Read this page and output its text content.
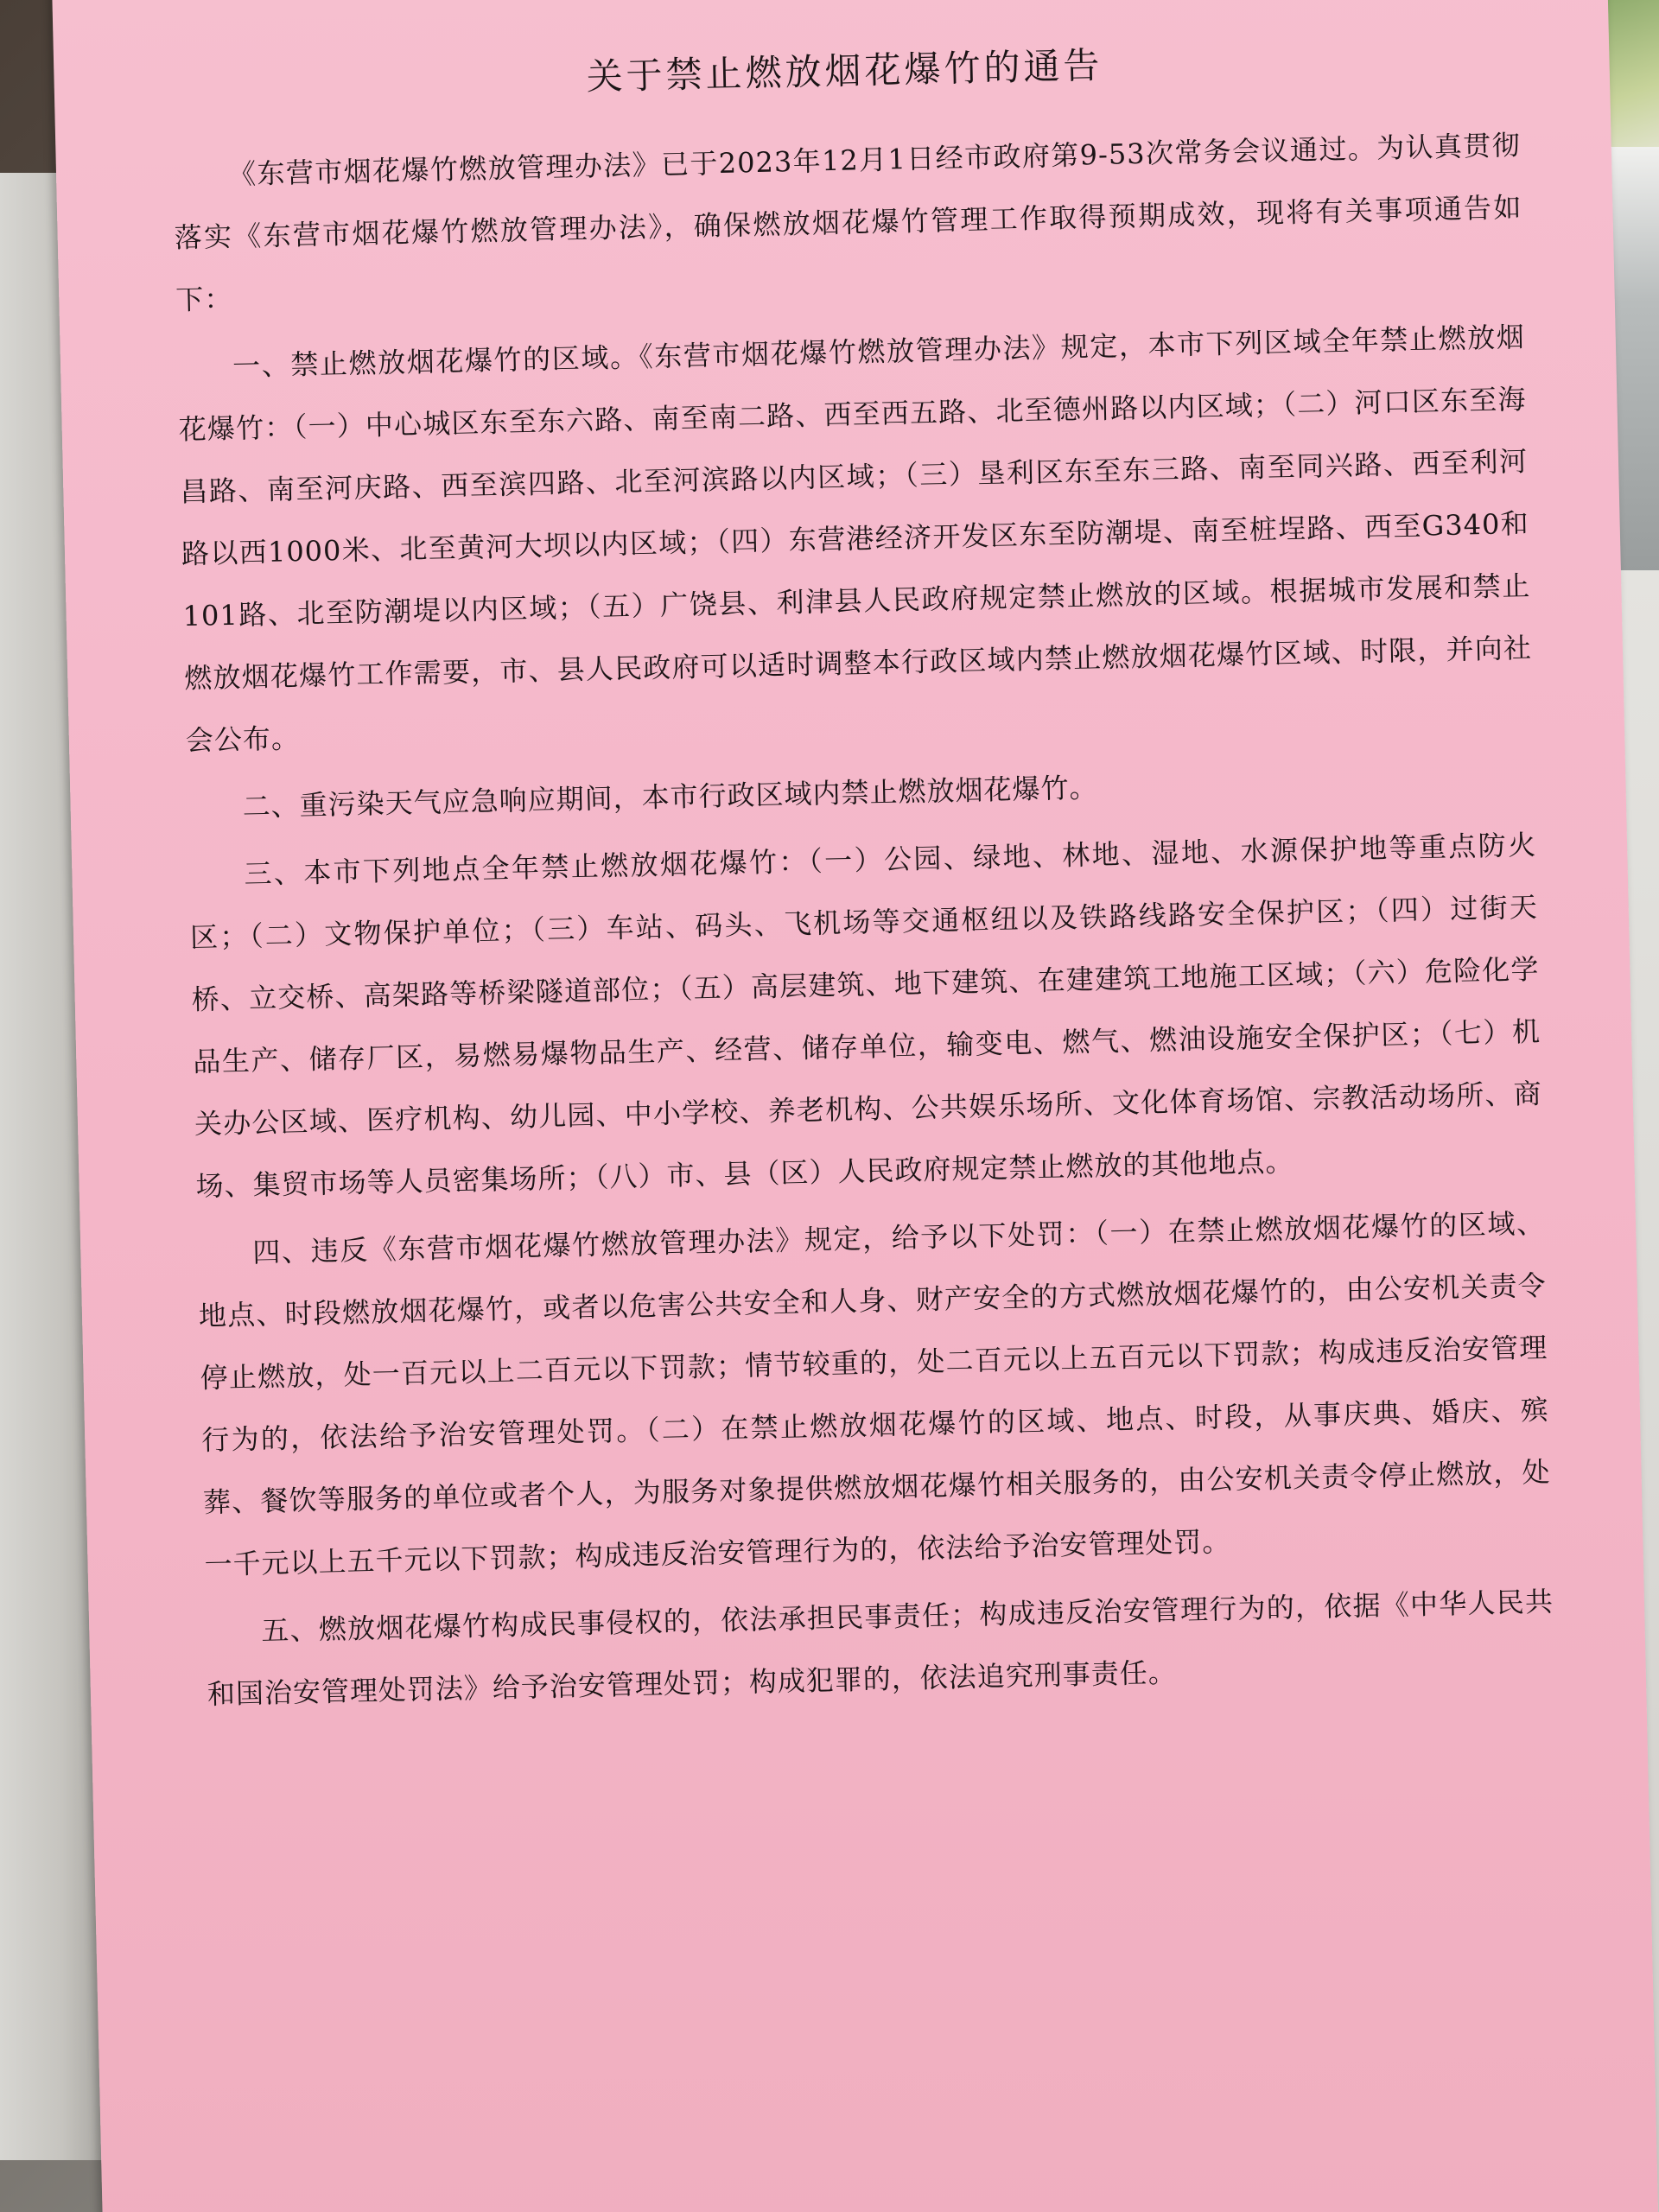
关于禁止燃放烟花爆竹的通告

《东营市烟花爆竹燃放管理办法》已于2023年12月1日经市政府第9-53次常务会议通过。为认真贯彻落实《东营市烟花爆竹燃放管理办法》，确保燃放烟花爆竹管理工作取得预期成效，现将有关事项通告如下：

一、禁止燃放烟花爆竹的区域。《东营市烟花爆竹燃放管理办法》规定，本市下列区域全年禁止燃放烟花爆竹：（一）中心城区东至东六路、南至南二路、西至西五路、北至德州路以内区域；（二）河口区东至海昌路、南至河庆路、西至滨四路、北至河滨路以内区域；（三）垦利区东至东三路、南至同兴路、西至利河路以西1000米、北至黄河大坝以内区域；（四）东营港经济开发区东至防潮堤、南至桩埕路、西至G340和101路、北至防潮堤以内区域；（五）广饶县、利津县人民政府规定禁止燃放的区域。根据城市发展和禁止燃放烟花爆竹工作需要，市、县人民政府可以适时调整本行政区域内禁止燃放烟花爆竹区域、时限，并向社会公布。

二、重污染天气应急响应期间，本市行政区域内禁止燃放烟花爆竹。

三、本市下列地点全年禁止燃放烟花爆竹：（一）公园、绿地、林地、湿地、水源保护地等重点防火区；（二）文物保护单位；（三）车站、码头、飞机场等交通枢纽以及铁路线路安全保护区；（四）过街天桥、立交桥、高架路等桥梁隧道部位；（五）高层建筑、地下建筑、在建建筑工地施工区域；（六）危险化学品生产、储存厂区，易燃易爆物品生产、经营、储存单位，输变电、燃气、燃油设施安全保护区；（七）机关办公区域、医疗机构、幼儿园、中小学校、养老机构、公共娱乐场所、文化体育场馆、宗教活动场所、商场、集贸市场等人员密集场所；（八）市、县（区）人民政府规定禁止燃放的其他地点。

四、违反《东营市烟花爆竹燃放管理办法》规定，给予以下处罚：（一）在禁止燃放烟花爆竹的区域、地点、时段燃放烟花爆竹，或者以危害公共安全和人身、财产安全的方式燃放烟花爆竹的，由公安机关责令停止燃放，处一百元以上二百元以下罚款；情节较重的，处二百元以上五百元以下罚款；构成违反治安管理行为的，依法给予治安管理处罚。（二）在禁止燃放烟花爆竹的区域、地点、时段，从事庆典、婚庆、殡葬、餐饮等服务的单位或者个人，为服务对象提供燃放烟花爆竹相关服务的，由公安机关责令停止燃放，处一千元以上五千元以下罚款；构成违反治安管理行为的，依法给予治安管理处罚。

五、燃放烟花爆竹构成民事侵权的，依法承担民事责任；构成违反治安管理行为的，依据《中华人民共和国治安管理处罚法》给予治安管理处罚；构成犯罪的，依法追究刑事责任。
